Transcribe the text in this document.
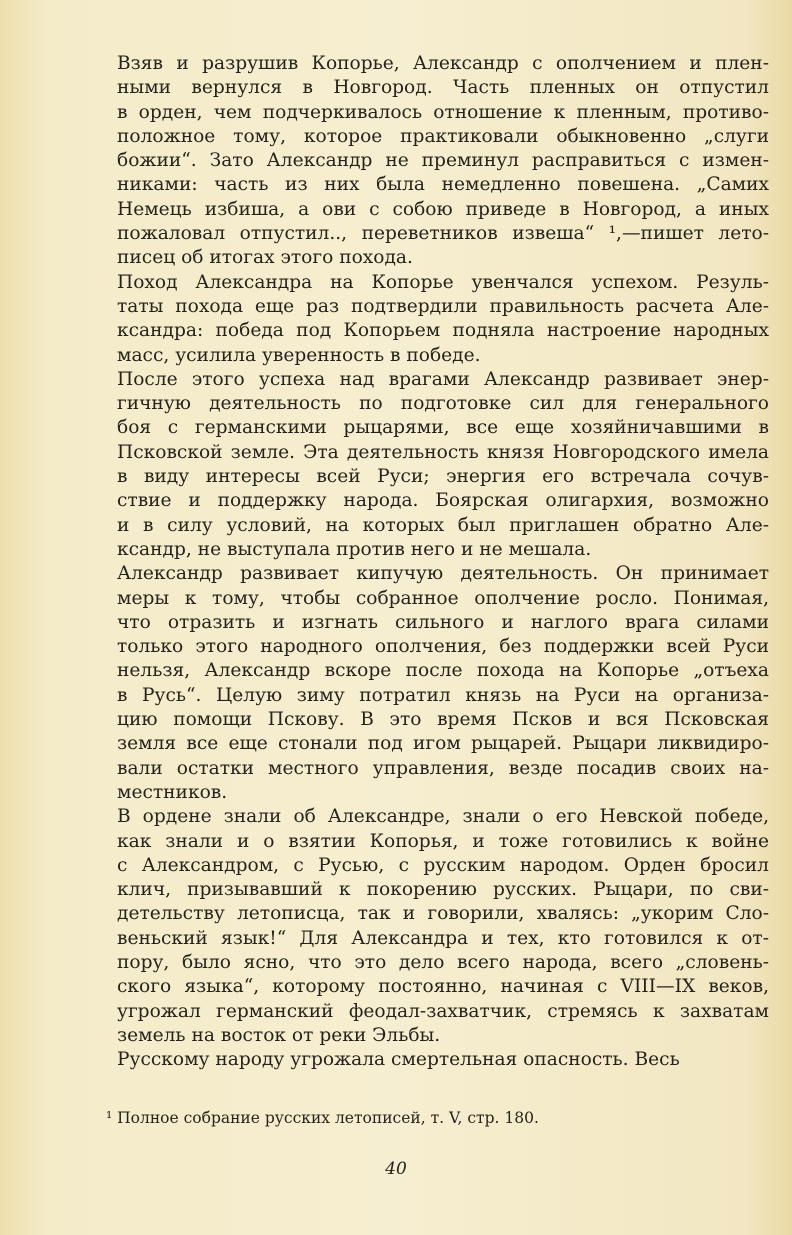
Взяв и разрушив Копорье, Александр с ополчением и плен-
ными вернулся в Новгород. Часть пленных он отпустил
в орден, чем подчеркивалось отношение к пленным, противо-
положное тому, которое практиковали обыкновенно „слуги
божии“. Зато Александр не преминул расправиться с измен-
никами: часть из них была немедленно повешена. „Самих
Немець избиша, а ови с собою приведе в Новгород, а иных
пожаловал отпустил.., переветников извеша“ ¹,—пишет лето-
писец об итогах этого похода.
Поход Александра на Копорье увенчался успехом. Резуль-
таты похода еще раз подтвердили правильность расчета Але-
ксандра: победа под Копорьем подняла настроение народных
масс, усилила уверенность в победе.
После этого успеха над врагами Александр развивает энер-
гичную деятельность по подготовке сил для генерального
боя с германскими рыцарями, все еще хозяйничавшими в
Псковской земле. Эта деятельность князя Новгородского имела
в виду интересы всей Руси; энергия его встречала сочув-
ствие и поддержку народа. Боярская олигархия, возможно
и в силу условий, на которых был приглашен обратно Але-
ксандр, не выступала против него и не мешала.
Александр развивает кипучую деятельность. Он принимает
меры к тому, чтобы собранное ополчение росло. Понимая,
что отразить и изгнать сильного и наглого врага силами
только этого народного ополчения, без поддержки всей Руси
нельзя, Александр вскоре после похода на Копорье „отъеха
в Русь“. Целую зиму потратил князь на Руси на организа-
цию помощи Пскову. В это время Псков и вся Псковская
земля все еще стонали под игом рыцарей. Рыцари ликвидиро-
вали остатки местного управления, везде посадив своих на-
местников.
В ордене знали об Александре, знали о его Невской победе,
как знали и о взятии Копорья, и тоже готовились к войне
с Александром, с Русью, с русским народом. Орден бросил
клич, призывавший к покорению русских. Рыцари, по сви-
детельству летописца, так и говорили, хвалясь: „укорим Сло-
веньский язык!“ Для Александра и тех, кто готовился к от-
пору, было ясно, что это дело всего народа, всего „словень-
ского языка“, которому постоянно, начиная с VIII—IX веков,
угрожал германский феодал-захватчик, стремясь к захватам
земель на восток от реки Эльбы.
Русскому народу угрожала смертельная опасность. Весь
¹ Полное собрание русских летописей, т. V, стр. 180.
40
